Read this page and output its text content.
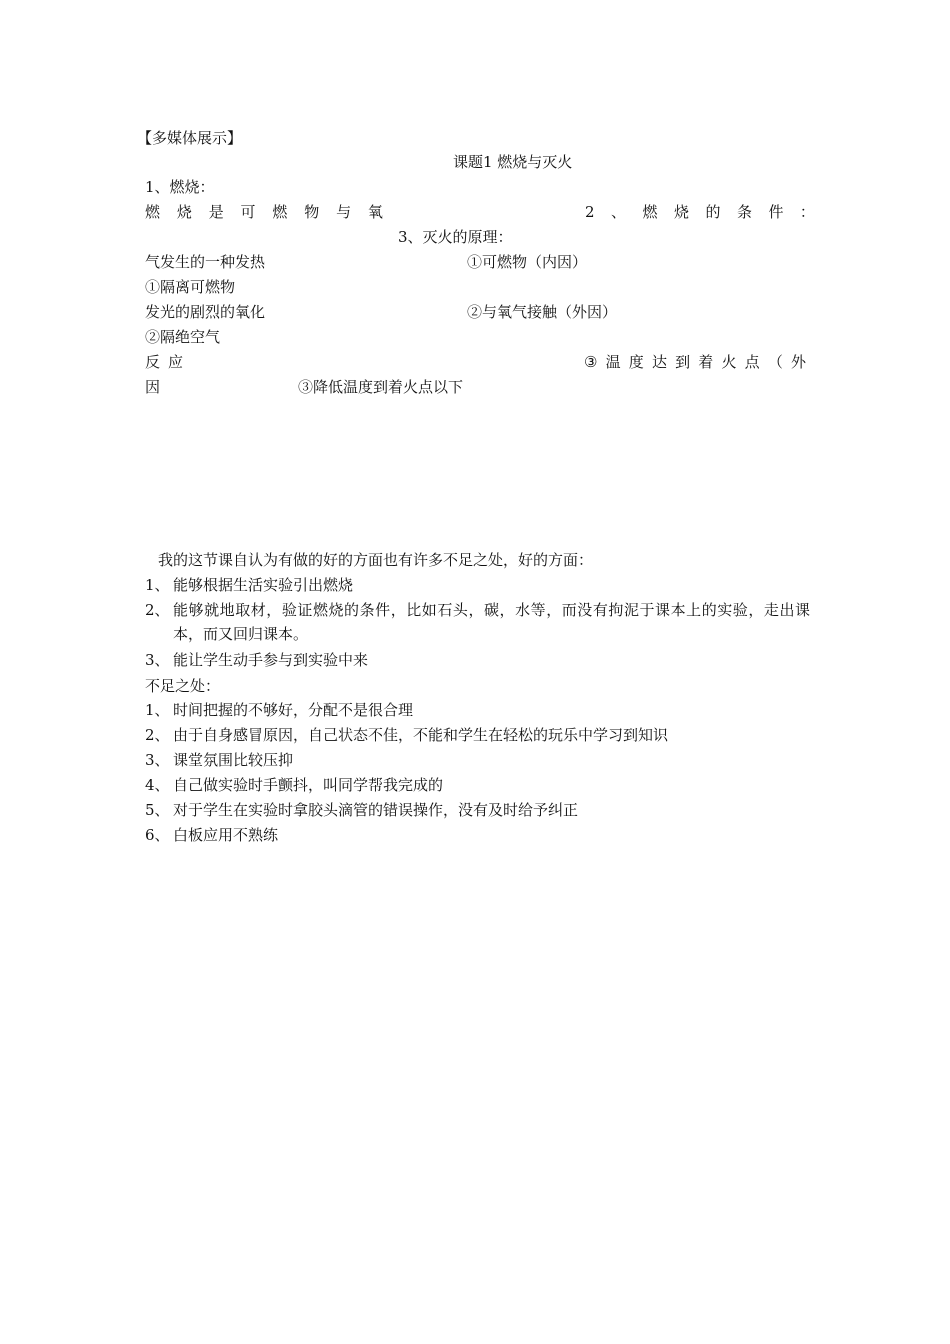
【多媒体展示】
课题1 燃烧与灭火
1、燃烧：
燃 烧 是 可 燃 物 与 氧	2 、 燃 烧 的 条 件 ：
3、灭火的原理：
气发生的一种发热	①可燃物（内因）
①隔离可燃物
发光的剧烈的氧化	②与氧气接触（外因）
②隔绝空气
反 应	③ 温 度 达 到 着 火 点 （ 外
因	③降低温度到着火点以下
我的这节课自认为有做的好的方面也有许多不足之处，好的方面：
1、 能够根据生活实验引出燃烧
2、 能够就地取材，验证燃烧的条件，比如石头，碳，水等，而没有拘泥于课本上的实验，走出课本，而又回归课本。
3、 能让学生动手参与到实验中来
不足之处：
1、 时间把握的不够好，分配不是很合理
2、 由于自身感冒原因，自己状态不佳，不能和学生在轻松的玩乐中学习到知识
3、 课堂氛围比较压抑
4、 自己做实验时手颤抖，叫同学帮我完成的
5、 对于学生在实验时拿胶头滴管的错误操作，没有及时给予纠正
6、 白板应用不熟练
